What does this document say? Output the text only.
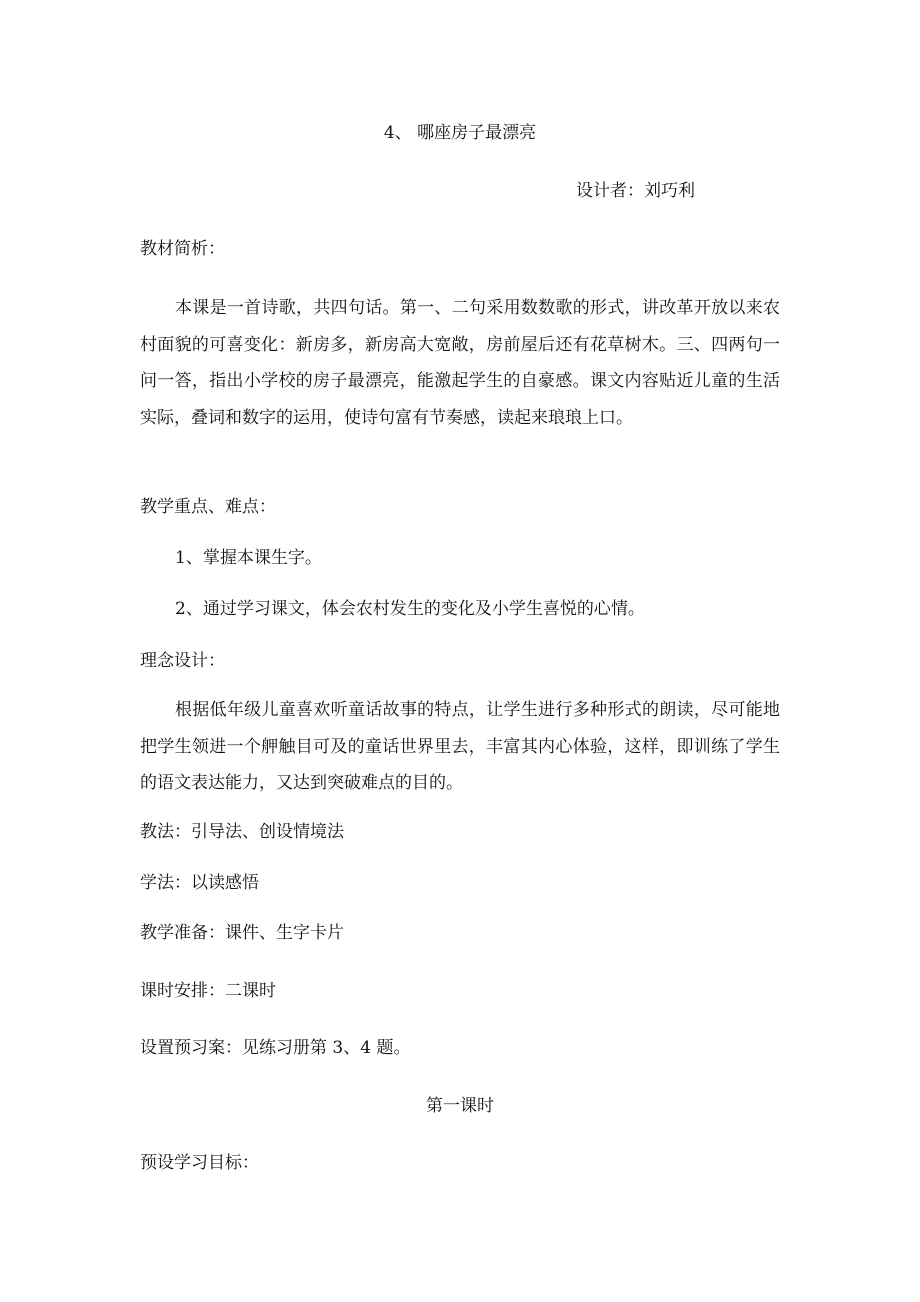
4、 哪座房子最漂亮
设计者：刘巧利
教材简析：
本课是一首诗歌，共四句话。第一、二句采用数数歌的形式，讲改革开放以来农村面貌的可喜变化：新房多，新房高大宽敞，房前屋后还有花草树木。三、四两句一问一答，指出小学校的房子最漂亮，能激起学生的自豪感。课文内容贴近儿童的生活实际，叠词和数字的运用，使诗句富有节奏感，读起来琅琅上口。
教学重点、难点：
1、掌握本课生字。
2、通过学习课文，体会农村发生的变化及小学生喜悦的心情。
理念设计：
根据低年级儿童喜欢听童话故事的特点，让学生进行多种形式的朗读，尽可能地把学生领进一个舺触目可及的童话世界里去，丰富其内心体验，这样，即训练了学生的语文表达能力，又达到突破难点的目的。
教法：引导法、创设情境法
学法：以读感悟
教学准备：课件、生字卡片
课时安排：二课时
设置预习案：见练习册第 3、4 题。
第一课时
预设学习目标：
